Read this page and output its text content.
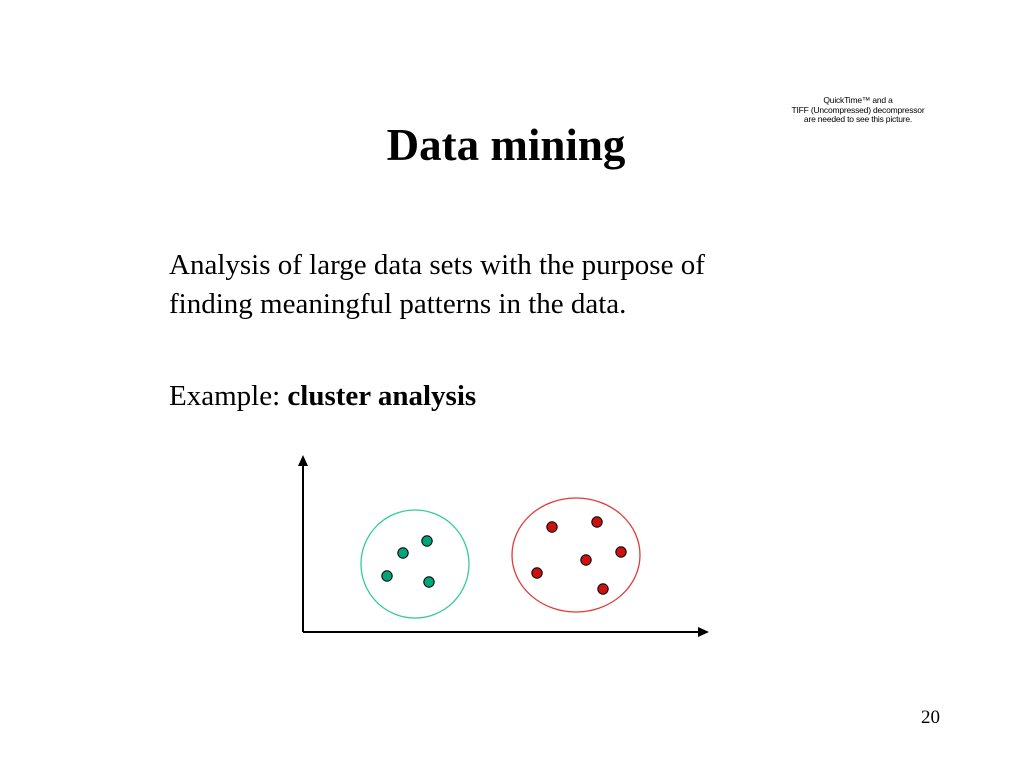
QuickTime™ and a
TIFF (Uncompressed) decompressor
are needed to see this picture.
Data mining

Analysis of large data sets with the purpose of

finding meaningful patterns in the data.

Example: cluster analysis
20
